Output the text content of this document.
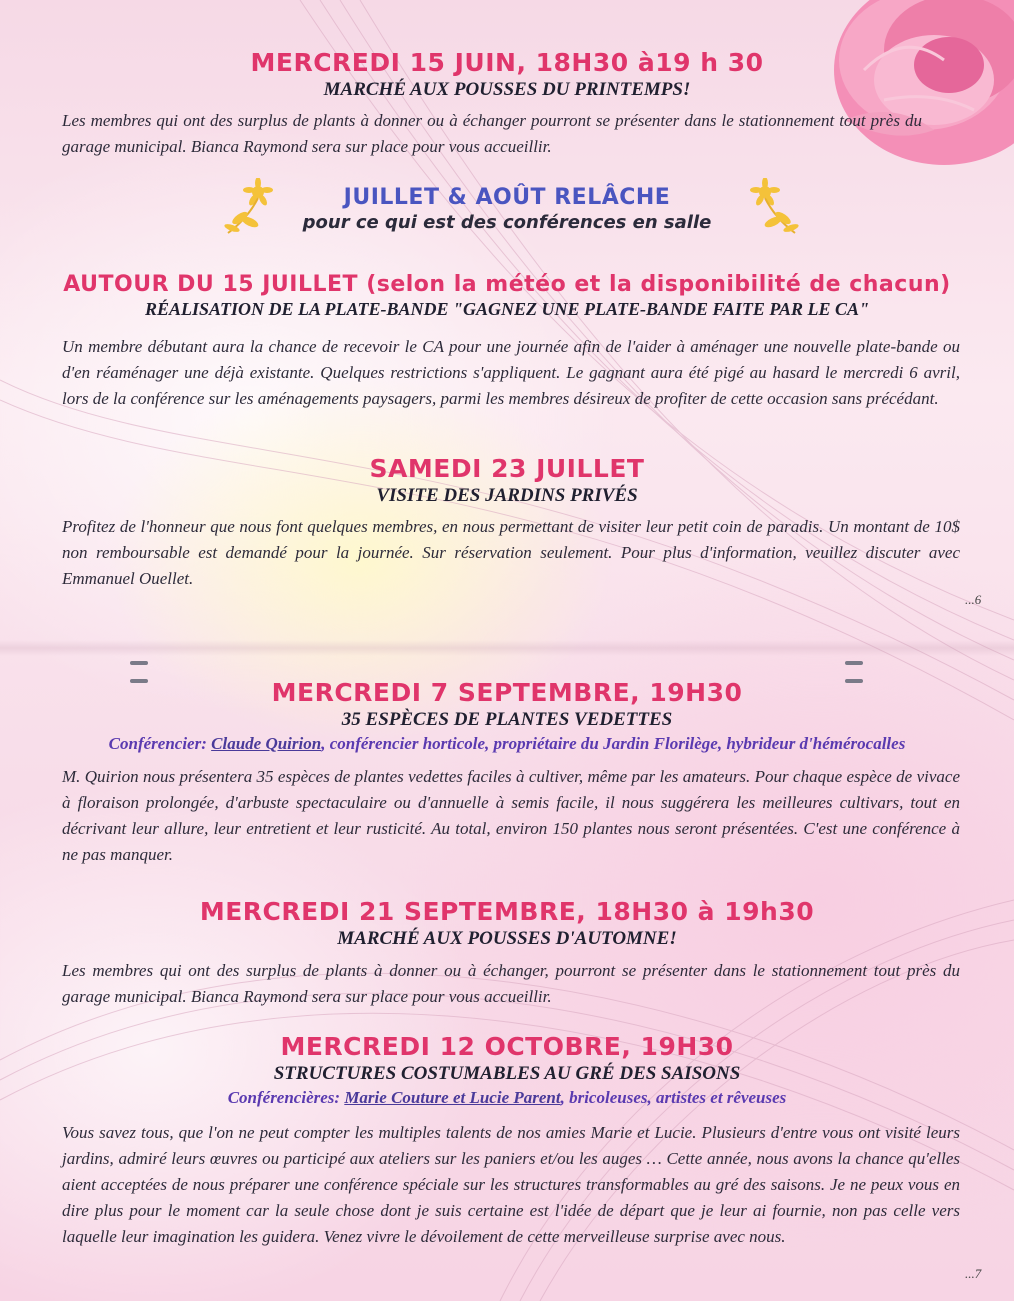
MERCREDI 15 JUIN, 18H30 à19 h 30
MARCHÉ AUX POUSSES DU PRINTEMPS!
Les membres qui ont des surplus de plants à donner ou à échanger pourront se présenter dans le stationnement tout près du garage municipal. Bianca Raymond sera sur place pour vous accueillir.
JUILLET & AOÛT RELÂCHE
pour ce qui est des conférences en salle
AUTOUR DU 15 JUILLET (selon la météo et la disponibilité de chacun)
RÉALISATION DE LA PLATE-BANDE "GAGNEZ UNE PLATE-BANDE FAITE PAR LE CA"
Un membre débutant aura la chance de recevoir le CA pour une journée afin de l'aider à aménager une nouvelle plate-bande ou d'en réaménager une déjà existante. Quelques restrictions s'appliquent. Le gagnant aura été pigé au hasard le mercredi 6 avril, lors de la conférence sur les aménagements paysagers, parmi les membres désireux de profiter de cette occasion sans précédant.
SAMEDI 23 JUILLET
VISITE DES JARDINS PRIVÉS
Profitez de l'honneur que nous font quelques membres, en nous permettant de visiter leur petit coin de paradis. Un montant de 10$ non remboursable est demandé pour la journée. Sur réservation seulement. Pour plus d'information, veuillez discuter avec Emmanuel Ouellet.
...6
MERCREDI 7 SEPTEMBRE, 19H30
35 ESPÈCES DE PLANTES VEDETTES
Conférencier: Claude Quirion, conférencier horticole, propriétaire du Jardin Florilège, hybrideur d'hémérocalles
M. Quirion nous présentera 35 espèces de plantes vedettes faciles à cultiver, même par les amateurs. Pour chaque espèce de vivace à floraison prolongée, d'arbuste spectaculaire ou d'annuelle à semis facile, il nous suggérera les meilleures cultivars, tout en décrivant leur allure, leur entretient et leur rusticité. Au total, environ 150 plantes nous seront présentées. C'est une conférence à ne pas manquer.
MERCREDI 21 SEPTEMBRE, 18H30 à 19h30
MARCHÉ AUX POUSSES D'AUTOMNE!
Les membres qui ont des surplus de plants à donner ou à échanger, pourront se présenter dans le stationnement tout près du garage municipal. Bianca Raymond sera sur place pour vous accueillir.
MERCREDI 12 OCTOBRE, 19H30
STRUCTURES COSTUMABLES AU GRÉ DES SAISONS
Conférencières: Marie Couture et Lucie Parent, bricoleuses, artistes et rêveuses
Vous savez tous, que l'on ne peut compter les multiples talents de nos amies Marie et Lucie. Plusieurs d'entre vous ont visité leurs jardins, admiré leurs œuvres ou participé aux ateliers sur les paniers et/ou les auges … Cette année, nous avons la chance qu'elles aient acceptées de nous préparer une conférence spéciale sur les structures transformables au gré des saisons. Je ne peux vous en dire plus pour le moment car la seule chose dont je suis certaine est l'idée de départ que je leur ai fournie, non pas celle vers laquelle leur imagination les guidera. Venez vivre le dévoilement de cette merveilleuse surprise avec nous.
...7
